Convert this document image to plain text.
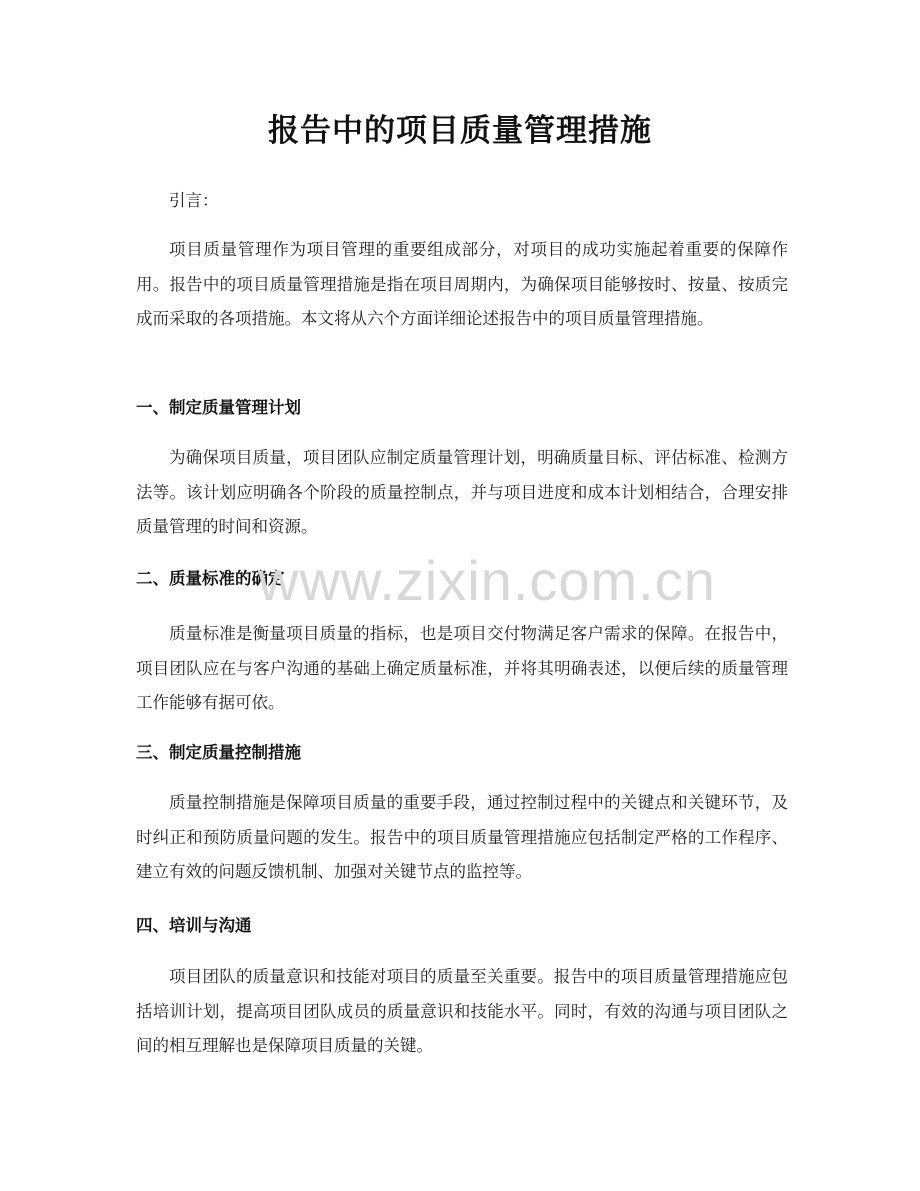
报告中的项目质量管理措施
引言：
项目质量管理作为项目管理的重要组成部分，对项目的成功实施起着重要的保障作用。报告中的项目质量管理措施是指在项目周期内，为确保项目能够按时、按量、按质完成而采取的各项措施。本文将从六个方面详细论述报告中的项目质量管理措施。
一、制定质量管理计划
为确保项目质量，项目团队应制定质量管理计划，明确质量目标、评估标准、检测方法等。该计划应明确各个阶段的质量控制点，并与项目进度和成本计划相结合，合理安排质量管理的时间和资源。
二、质量标准的确定
质量标准是衡量项目质量的指标，也是项目交付物满足客户需求的保障。在报告中，项目团队应在与客户沟通的基础上确定质量标准，并将其明确表述，以便后续的质量管理工作能够有据可依。
三、制定质量控制措施
质量控制措施是保障项目质量的重要手段，通过控制过程中的关键点和关键环节，及时纠正和预防质量问题的发生。报告中的项目质量管理措施应包括制定严格的工作程序、建立有效的问题反馈机制、加强对关键节点的监控等。
四、培训与沟通
项目团队的质量意识和技能对项目的质量至关重要。报告中的项目质量管理措施应包括培训计划，提高项目团队成员的质量意识和技能水平。同时，有效的沟通与项目团队之间的相互理解也是保障项目质量的关键。
www.zixin.com.cn
